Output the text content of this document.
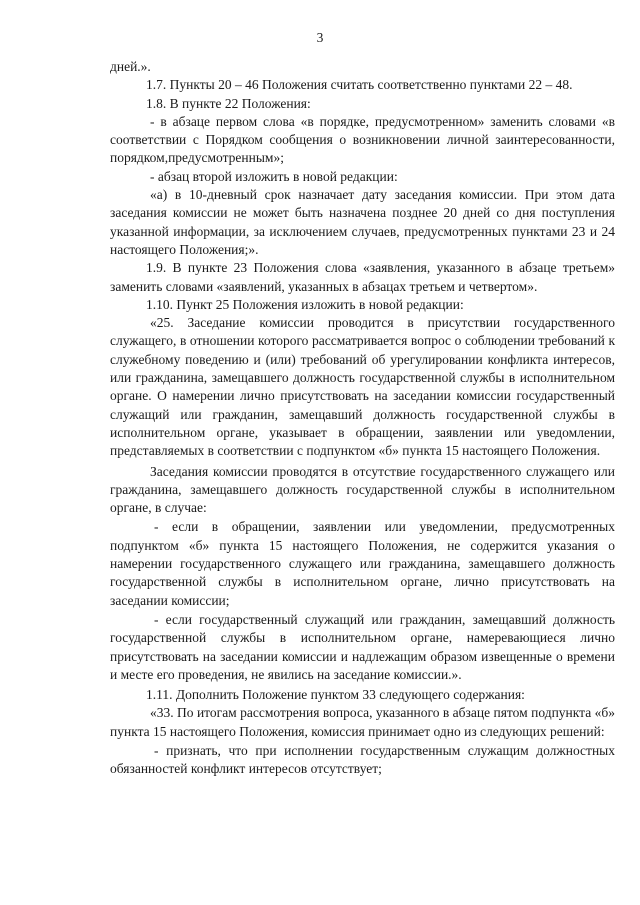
3

дней.».

1.7. Пункты 20 – 46 Положения считать соответственно пунктами 22 – 48.

1.8. В пункте 22 Положения:

- в абзаце первом слова «в порядке, предусмотренном» заменить словами «в соответствии с Порядком сообщения о возникновении личной заинтересованности, порядком,предусмотренным»;

- абзац второй изложить в новой редакции:

«а) в 10-дневный срок назначает дату заседания комиссии. При этом дата заседания комиссии не может быть назначена позднее 20 дней со дня поступления указанной информации, за исключением случаев, предусмотренных пунктами 23 и 24 настоящего Положения;».

1.9. В пункте 23 Положения слова «заявления, указанного в абзаце третьем» заменить словами «заявлений, указанных в абзацах третьем и четвертом».

1.10. Пункт 25 Положения изложить в новой редакции:

«25. Заседание комиссии проводится в присутствии государственного служащего, в отношении которого рассматривается вопрос о соблюдении требований к служебному поведению и (или) требований об урегулировании конфликта интересов, или гражданина, замещавшего должность государственной службы в исполнительном органе. О намерении лично присутствовать на заседании комиссии государственный служащий или гражданин, замещавший должность государственной службы в исполнительном органе, указывает в обращении, заявлении или уведомлении, представляемых в соответствии с подпунктом «б» пункта 15 настоящего Положения.

Заседания комиссии проводятся в отсутствие государственного служащего или гражданина, замещавшего должность государственной службы в исполнительном органе, в случае:

- если в обращении, заявлении или уведомлении, предусмотренных подпунктом «б» пункта 15 настоящего Положения, не содержится указания о намерении государственного служащего или гражданина, замещавшего должность государственной службы в исполнительном органе, лично присутствовать на заседании комиссии;

- если государственный служащий или гражданин, замещавший должность государственной службы в исполнительном органе, намеревающиеся лично присутствовать на заседании комиссии и надлежащим образом извещенные о времени и месте его проведения, не явились на заседание комиссии.».

1.11. Дополнить Положение пунктом 33 следующего содержания:

«33. По итогам рассмотрения вопроса, указанного в абзаце пятом подпункта «б» пункта 15 настоящего Положения, комиссия принимает одно из следующих решений:

- признать, что при исполнении государственным служащим должностных обязанностей конфликт интересов отсутствует;
